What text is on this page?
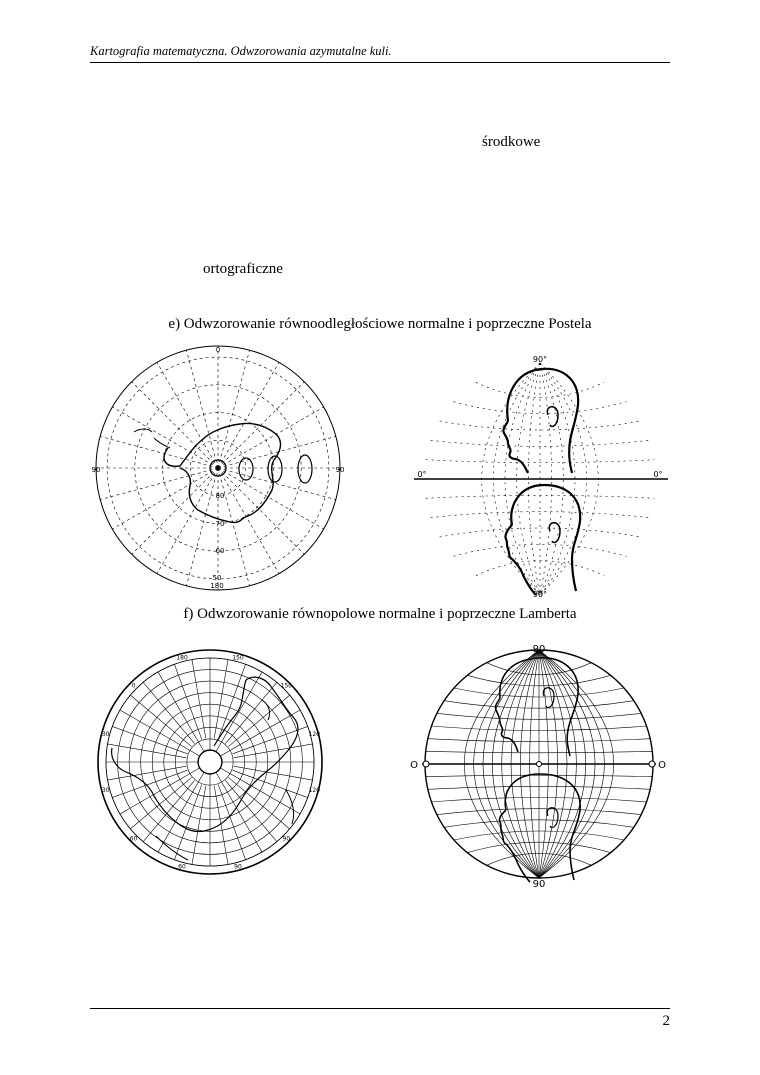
Kartografia matematyczna. Odwzorowania azymutalne kuli.
środkowe
ortograficzne
e) Odwzorowanie równoodległościowe normalne i poprzeczne Postela
0
90	90
180
50
80
70
60
90°
0°	0°
90°
f) Odwzorowanie równopolowe normalne i poprzeczne Lamberta
180	150
150
120
120
90
90
60
60
30
30
0
90
O	O
90
2
